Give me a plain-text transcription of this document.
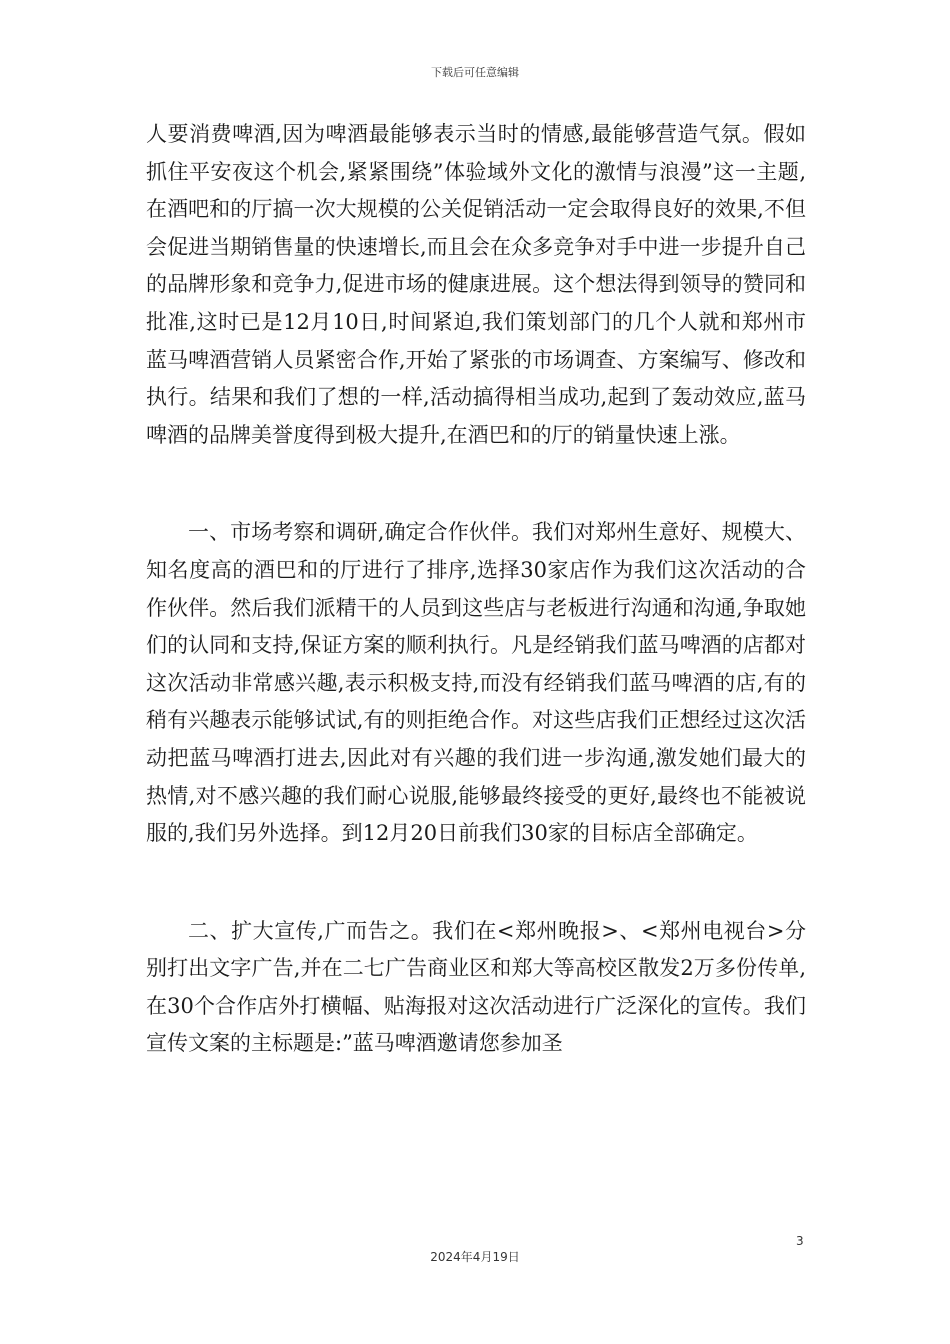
下载后可任意编辑

人要消费啤酒,因为啤酒最能够表示当时的情感,最能够营造气氛。假如抓住平安夜这个机会,紧紧围绕”体验域外文化的激情与浪漫”这一主题,在酒吧和的厅搞一次大规模的公关促销活动一定会取得良好的效果,不但会促进当期销售量的快速增长,而且会在众多竞争对手中进一步提升自己的品牌形象和竞争力,促进市场的健康进展。这个想法得到领导的赞同和批准,这时已是12月10日,时间紧迫,我们策划部门的几个人就和郑州市蓝马啤酒营销人员紧密合作,开始了紧张的市场调查、方案编写、修改和执行。结果和我们了想的一样,活动搞得相当成功,起到了轰动效应,蓝马啤酒的品牌美誉度得到极大提升,在酒巴和的厅的销量快速上涨。

一、市场考察和调研,确定合作伙伴。我们对郑州生意好、规模大、知名度高的酒巴和的厅进行了排序,选择30家店作为我们这次活动的合作伙伴。然后我们派精干的人员到这些店与老板进行沟通和沟通,争取她们的认同和支持,保证方案的顺利执行。凡是经销我们蓝马啤酒的店都对这次活动非常感兴趣,表示积极支持,而没有经销我们蓝马啤酒的店,有的稍有兴趣表示能够试试,有的则拒绝合作。对这些店我们正想经过这次活动把蓝马啤酒打进去,因此对有兴趣的我们进一步沟通,激发她们最大的热情,对不感兴趣的我们耐心说服,能够最终接受的更好,最终也不能被说服的,我们另外选择。到12月20日前我们30家的目标店全部确定。

二、扩大宣传,广而告之。我们在<郑州晚报>、<郑州电视台>分别打出文字广告,并在二七广告商业区和郑大等高校区散发2万多份传单,在30个合作店外打横幅、贴海报对这次活动进行广泛深化的宣传。我们宣传文案的主标题是:”蓝马啤酒邀请您参加圣

3
2024年4月19日
